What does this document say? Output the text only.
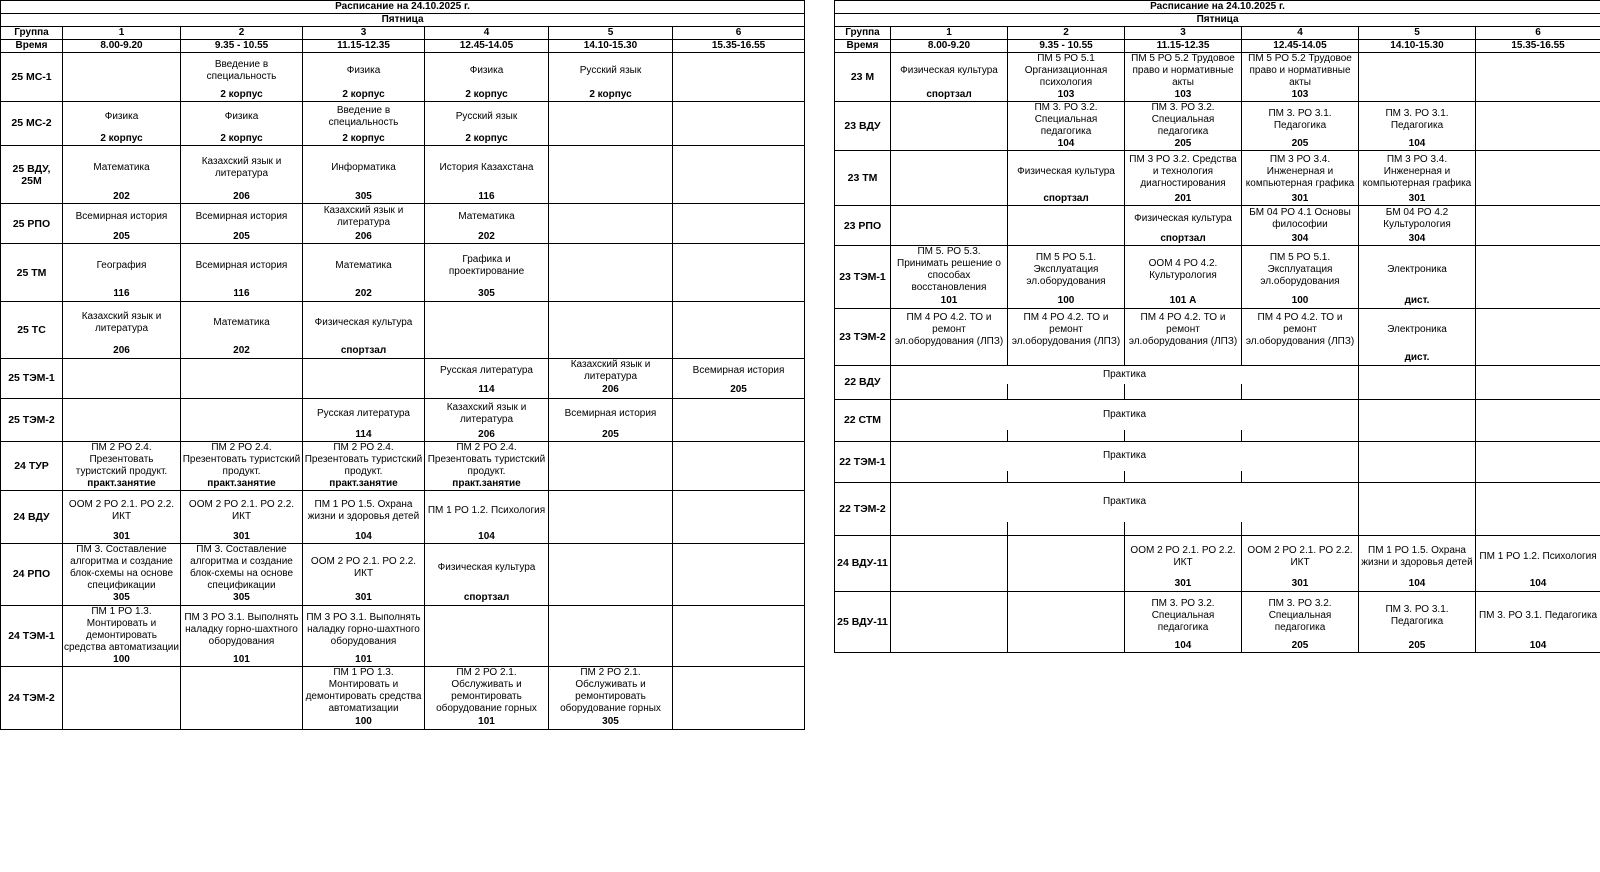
Расписание на 24.10.2025 г.						
Пятница						
Группа	1	2	3	4	5	6
Время	8.00-9.20	9.35 - 10.55	11.15-12.35	12.45-14.05	14.10-15.30	15.35-16.55
25 МС-1		Введение в специальность	Физика	Физика	Русский язык	
		2 корпус	2 корпус	2 корпус	2 корпус	
25 МС-2	Физика	Физика	Введение в специальность	Русский язык		
	2 корпус	2 корпус	2 корпус	2 корпус		
25 ВДУ, 25М	Математика	Казахский язык и литература	Информатика	История Казахстана		
	202	206	305	116		
25 РПО	Всемирная история	Всемирная история	Казахский язык и литература	Математика		
	205	205	206	202		
25 ТМ	География	Всемирная история	Математика	Графика и проектирование		
	116	116	202	305		
25 ТС	Казахский язык и литература	Математика	Физическая культура			
	206	202	спортзал			
25 ТЭМ-1				Русская литература	Казахский язык и литература	Всемирная история
				114	206	205
25 ТЭМ-2			Русская литература	Казахский язык и литература	Всемирная история	
			114	206	205	
24 ТУР	ПМ 2 РО 2.4. Презентовать туристский продукт.	ПМ 2 РО 2.4. Презентовать туристский продукт.	ПМ 2 РО 2.4. Презентовать туристский продукт.	ПМ 2 РО 2.4. Презентовать туристский продукт.		
	практ.занятие	практ.занятие	практ.занятие	практ.занятие		
24 ВДУ	ООМ 2 РО 2.1. РО 2.2. ИКТ	ООМ 2 РО 2.1. РО 2.2. ИКТ	ПМ 1 РО 1.5. Охрана жизни и здоровья детей	ПМ 1 РО 1.2. Психология		
	301	301	104	104		
24 РПО	ПМ 3. Составление алгоритма и создание блок-схемы на основе спецификации	ПМ 3. Составление алгоритма и создание блок-схемы на основе спецификации	ООМ 2 РО 2.1. РО 2.2. ИКТ	Физическая культура		
	305	305	301	спортзал		
24 ТЭМ-1	ПМ 1 РО 1.3. Монтировать и демонтировать средства автоматизации	ПМ 3 РО 3.1. Выполнять наладку горно-шахтного оборудования	ПМ 3 РО 3.1. Выполнять наладку горно-шахтного оборудования			
	100	101	101			
24 ТЭМ-2			ПМ 1 РО 1.3. Монтировать и демонтировать средства автоматизации	ПМ 2 РО 2.1. Обслуживать и ремонтировать оборудование горных	ПМ 2 РО 2.1. Обслуживать и ремонтировать оборудование горных	
			100	101	305	
Расписание на 24.10.2025 г.							
Пятница							
Группа	1	2	3	4	5	6	
Время	8.00-9.20	9.35 - 10.55	11.15-12.35	12.45-14.05	14.10-15.30	15.35-16.55	
23 М	Физическая культура	ПМ 5 РО 5.1 Организационная психология	ПМ 5 РО 5.2 Трудовое право и нормативные акты	ПМ 5 РО 5.2 Трудовое право и нормативные акты			
	спортзал	103	103	103			
23 ВДУ		ПМ 3. РО 3.2. Специальная педагогика	ПМ 3. РО 3.2. Специальная педагогика	ПМ 3. РО 3.1. Педагогика	ПМ 3. РО 3.1. Педагогика		
		104	205	205	104		
23 ТМ		Физическая культура	ПМ 3 РО 3.2. Средства и технология диагностирования	ПМ 3 РО 3.4. Инженерная и компьютерная графика	ПМ 3 РО 3.4. Инженерная и компьютерная графика		
		спортзал	201	301	301		
23 РПО			Физическая культура	БМ 04 РО 4.1 Основы философии	БМ 04 РО 4.2 Культурология		
			спортзал	304	304		
23 ТЭМ-1	ПМ 5. РО 5.3. Принимать решение о способах восстановления	ПМ 5 РО 5.1. Эксплуатация эл.оборудования	ООМ 4 РО 4.2. Культурология	ПМ 5 РО 5.1. Эксплуатация эл.оборудования	Электроника		
	101	100	101 А	100	дист.		
23 ТЭМ-2	ПМ 4 РО 4.2. ТО и ремонт эл.оборудования (ЛПЗ)	ПМ 4 РО 4.2. ТО и ремонт эл.оборудования (ЛПЗ)	ПМ 4 РО 4.2. ТО и ремонт эл.оборудования (ЛПЗ)	ПМ 4 РО 4.2. ТО и ремонт эл.оборудования (ЛПЗ)	Электроника		
					дист.		
22 ВДУ	Практика						

22 СТМ	Практика						

22 ТЭМ-1	Практика						

22 ТЭМ-2	Практика						

24 ВДУ-11			ООМ 2 РО 2.1. РО 2.2. ИКТ	ООМ 2 РО 2.1. РО 2.2. ИКТ	ПМ 1 РО 1.5. Охрана жизни и здоровья детей	ПМ 1 РО 1.2. Психология	
			301	301	104	104	
25 ВДУ-11			ПМ 3. РО 3.2. Специальная педагогика	ПМ 3. РО 3.2. Специальная педагогика	ПМ 3. РО 3.1. Педагогика	ПМ 3. РО 3.1. Педагогика	
			104	205	205	104	
